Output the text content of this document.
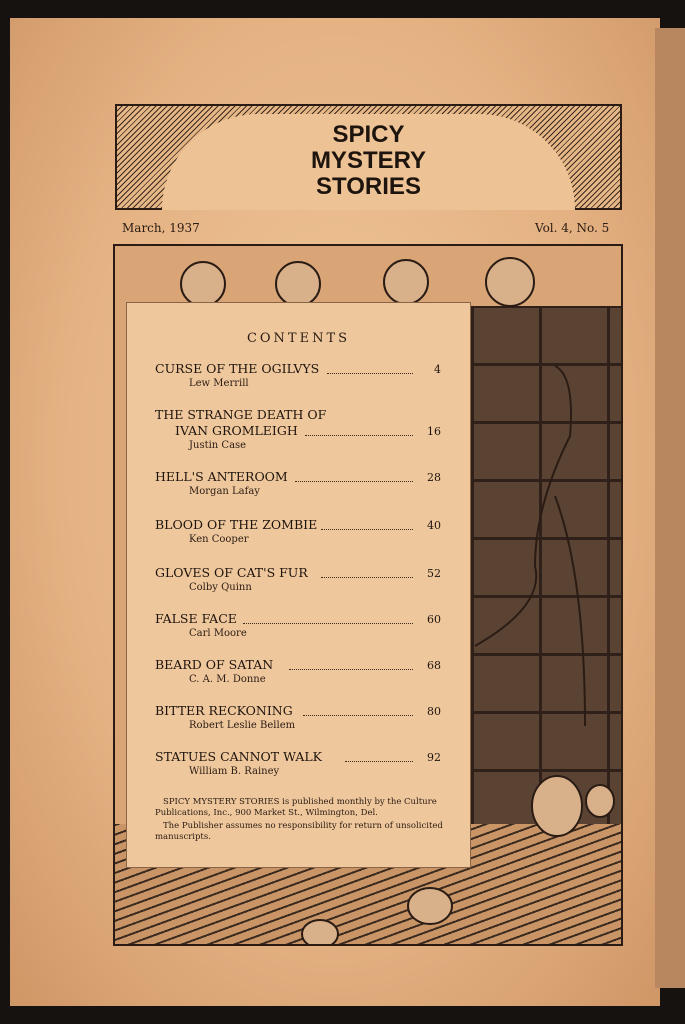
SPICY
MYSTERY
STORIES
March, 1937	Vol. 4, No. 5
CONTENTS
CURSE OF THE OGILVYS
Lew Merrill
4
THE STRANGE DEATH OF
IVAN GROMLEIGH
Justin Case
16
HELL'S ANTEROOM
Morgan Lafay
28
BLOOD OF THE ZOMBIE
Ken Cooper
40
GLOVES OF CAT'S FUR
Colby Quinn
52
FALSE FACE
Carl Moore
60
BEARD OF SATAN
C. A. M. Donne
68
BITTER RECKONING
Robert Leslie Bellem
80
STATUES CANNOT WALK
William B. Rainey
92

SPICY MYSTERY STORIES is published monthly by the Culture Publications, Inc., 900 Market St., Wilmington, Del.

The Publisher assumes no responsibility for return of unsolicited manuscripts.
